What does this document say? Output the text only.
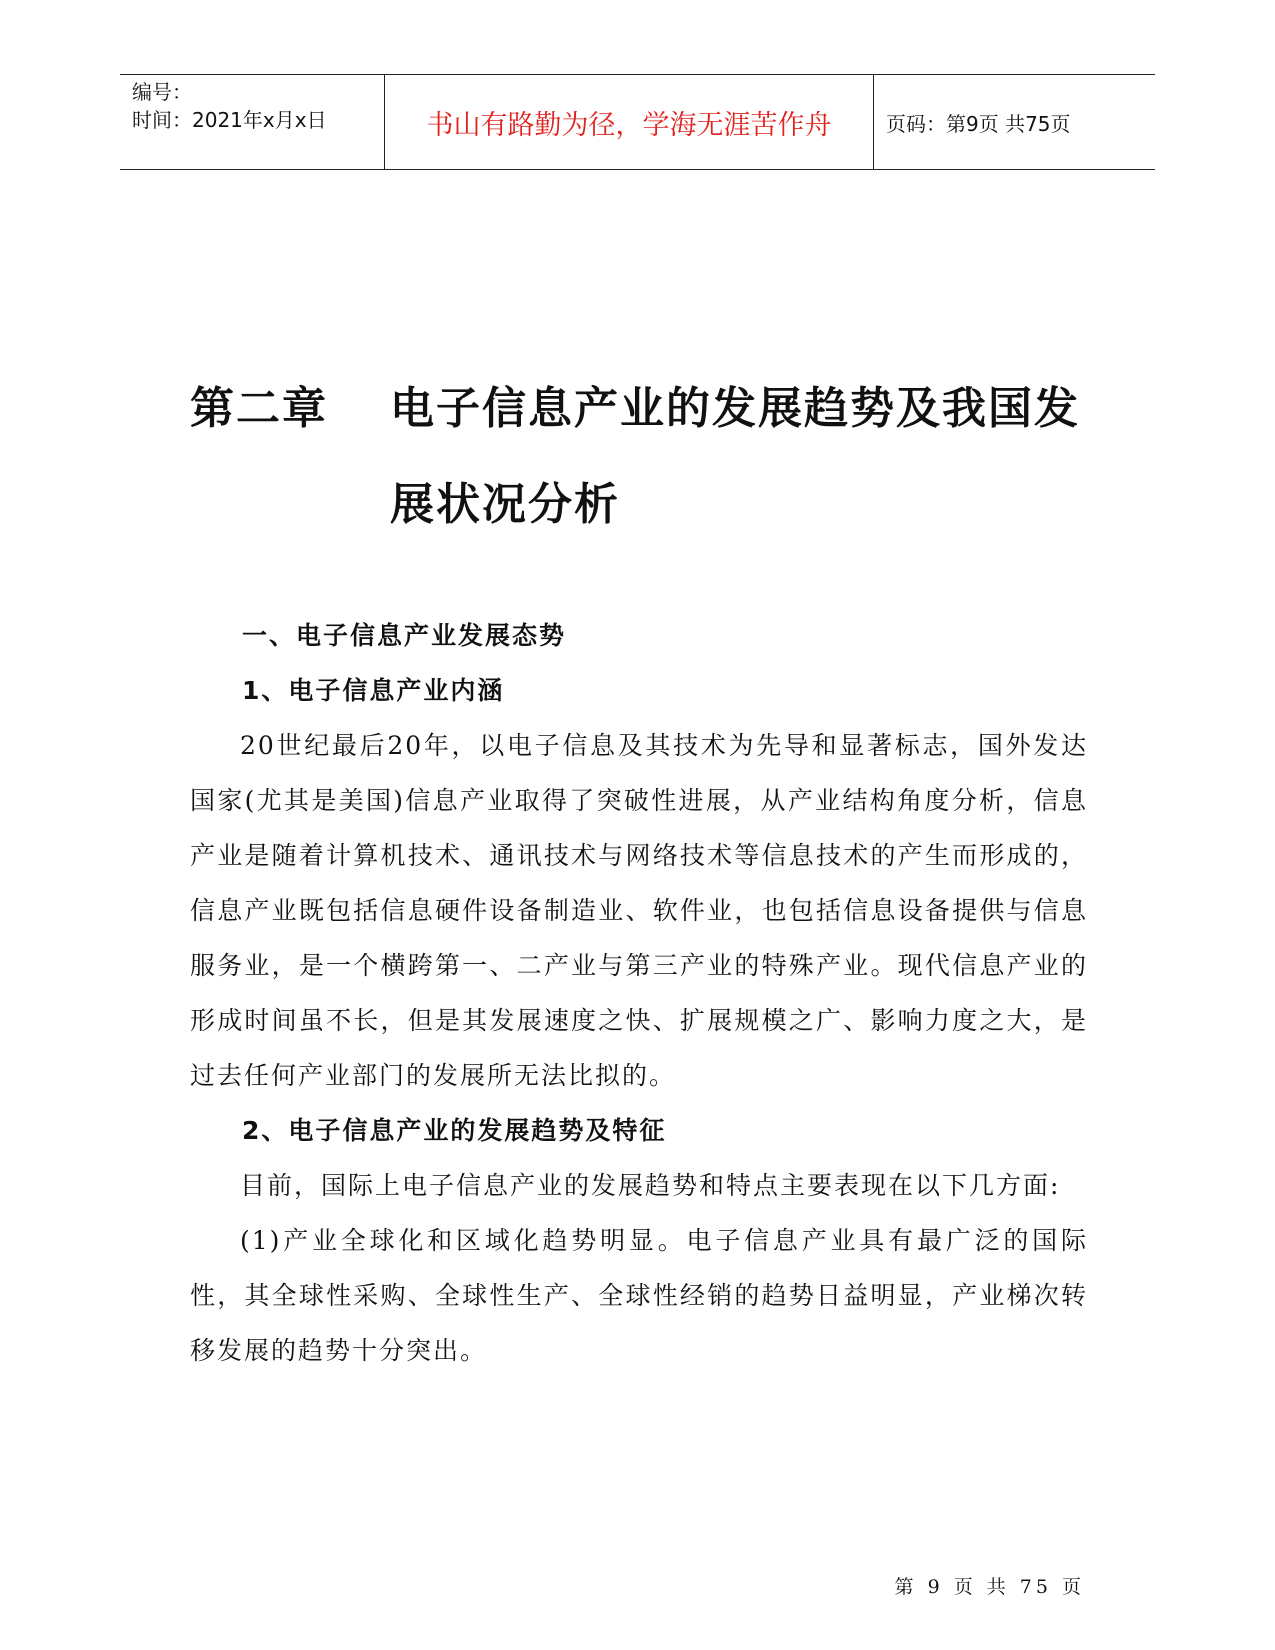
编号：
时间：2021年x月x日	书山有路勤为径，学海无涯苦作舟	页码：第9页 共75页
第二章 电子信息产业的发展趋势及我国发
展状况分析
一、电子信息产业发展态势
1、电子信息产业内涵

20世纪最后20年，以电子信息及其技术为先导和显著标志，国外发达国家(尤其是美国)信息产业取得了突破性进展，从产业结构角度分析，信息产业是随着计算机技术、通讯技术与网络技术等信息技术的产生而形成的，信息产业既包括信息硬件设备制造业、软件业，也包括信息设备提供与信息服务业，是一个横跨第一、二产业与第三产业的特殊产业。现代信息产业的形成时间虽不长，但是其发展速度之快、扩展规模之广、影响力度之大，是过去任何产业部门的发展所无法比拟的。

2、电子信息产业的发展趋势及特征

目前，国际上电子信息产业的发展趋势和特点主要表现在以下几方面:

(1)产业全球化和区域化趋势明显。电子信息产业具有最广泛的国际性，其全球性采购、全球性生产、全球性经销的趋势日益明显，产业梯次转移发展的趋势十分突出。

第 9 页 共 75 页
